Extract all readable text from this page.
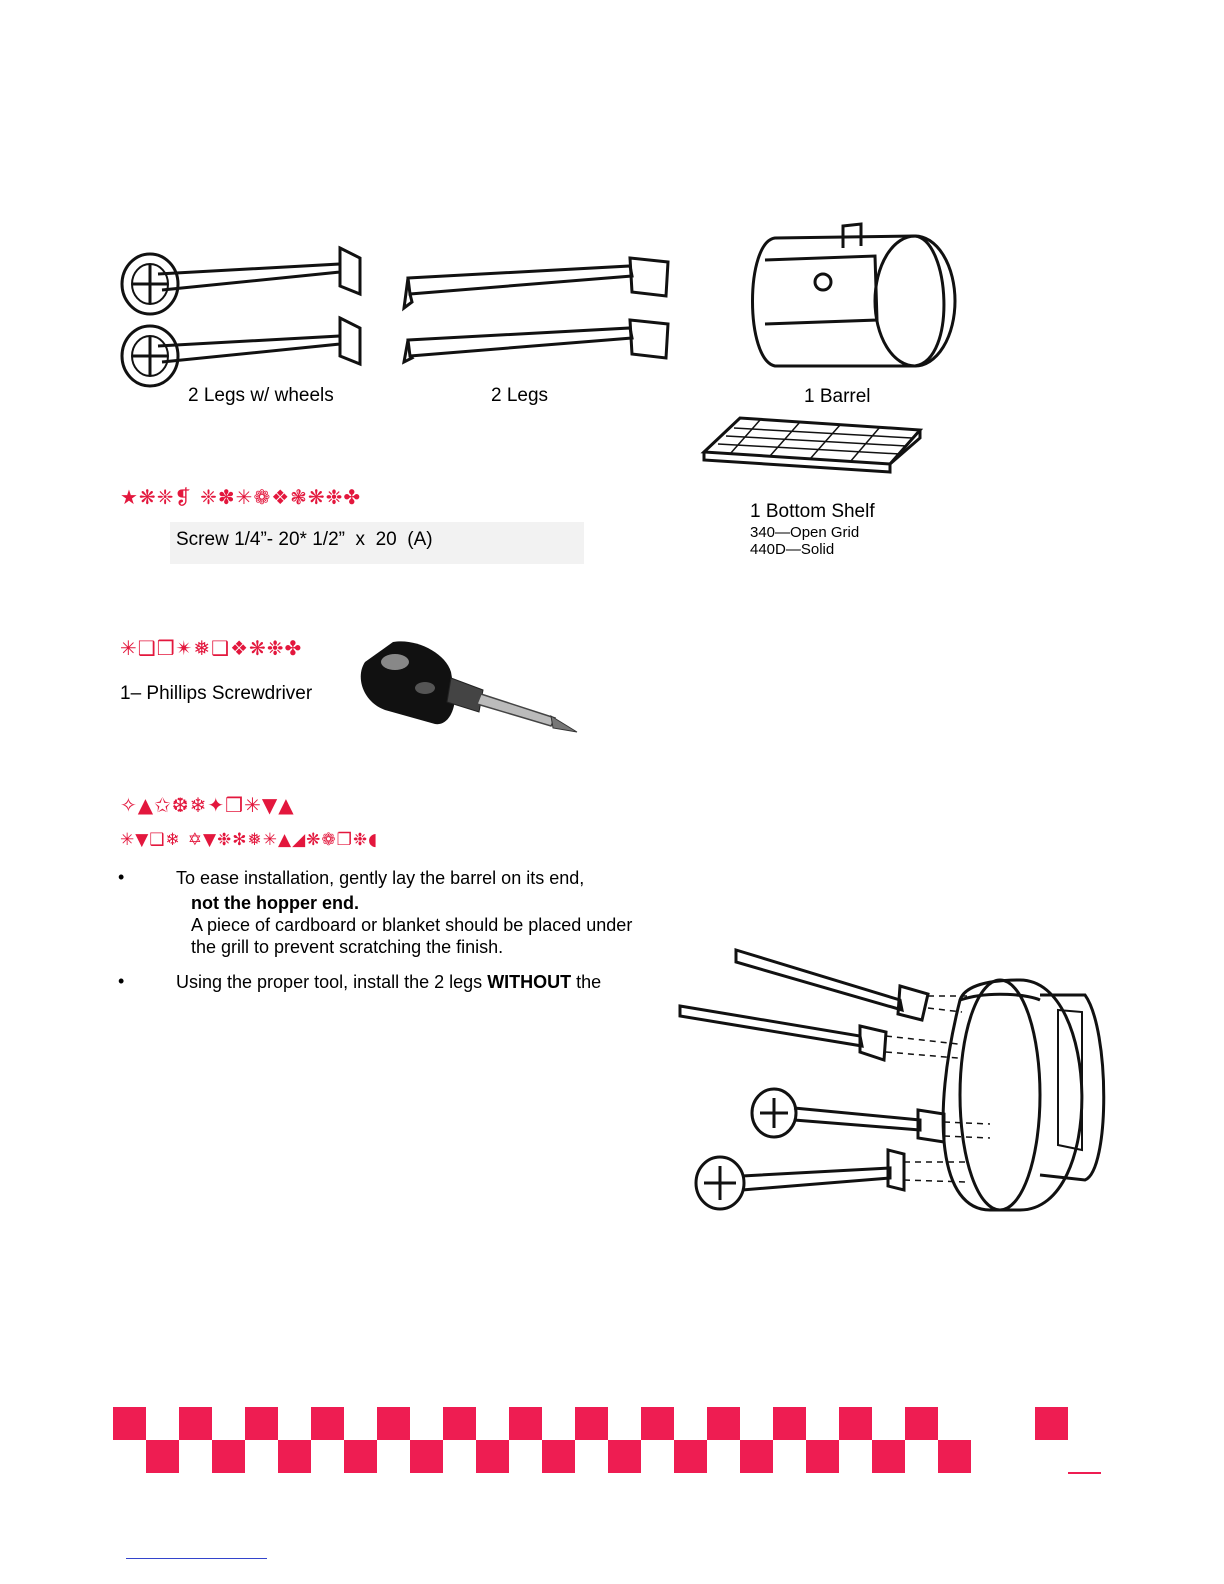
2 Legs w/ wheels	2 Legs	1 Barrel
1 Bottom Shelf
340—Open Grid
440D—Solid
★❋❈❡ ❈✽✳❁❖❃❋❉✤
Screw 1/4”- 20* 1/2”  x  20  (A)
✳❑❒✴❅❑❖❋❉✤
1– Phillips Screwdriver
✧▲✩❆❄✦❒✳▼▲
✳▼❑❄ ✡▼❉✻❅✳▲◢❋❁❐❉◖
•	To ease installation, gently lay the barrel on its end,
not the hopper end.
A piece of cardboard or blanket should be placed under
the grill to prevent scratching the finish.
•	Using the proper tool, install the 2 legs WITHOUT the
